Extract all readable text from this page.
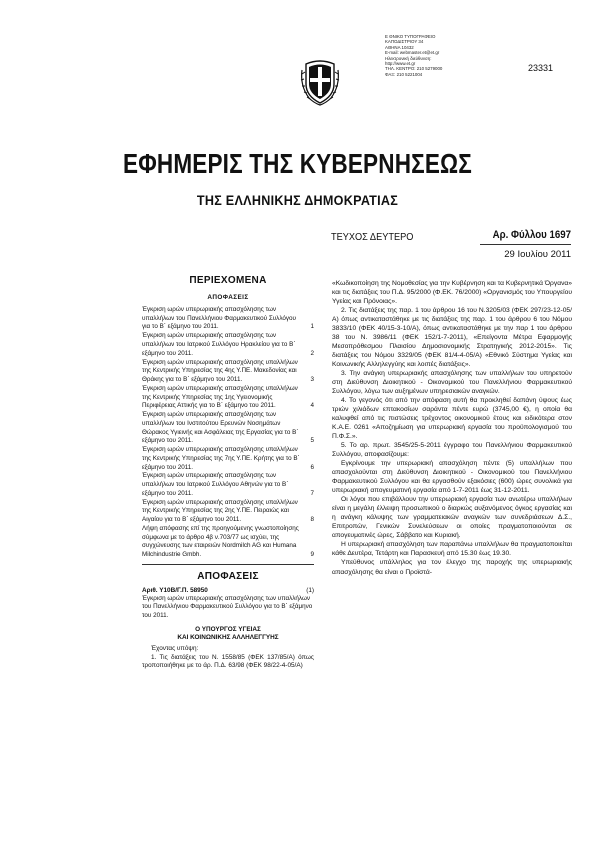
Ε ΘΝΙΚΟ ΤΥΠΟΓΡΑΦΕΙΟ
ΚΑΠΟΔΙΣΤΡΙΟΥ 34
ΑΘΗΝΑ 10432
Ε-mail: webmaster.et@et.gr
Ηλεκτρονική διεύθυνση:
http://www.et.gr
ΤΗΛ. ΚΕΝΤΡΟ: 210 5279000
ΦΑΞ: 210 5221004
23331
ΕΦΗΜΕΡΙΣ ΤΗΣ ΚΥΒΕΡΝΗΣΕΩΣ
ΤΗΣ ΕΛΛΗΝΙΚΗΣ ΔΗΜΟΚΡΑΤΙΑΣ
ΤΕΥΧΟΣ ΔΕΥΤΕΡΟ	Αρ. Φύλλου 1697
29 Ιουλίου 2011
ΠΕΡΙΕΧΟΜΕΝΑ
ΑΠΟΦΑΣΕΙΣ
Έγκριση ωρών υπερωριακής απασχόλησης των υπαλλήλων του Πανελλήνιου Φαρμακευτικού Συλλόγου για το Β΄ εξάμηνο του 2011.	1
Έγκριση ωρών υπερωριακής απασχόλησης των υπαλλήλων του Ιατρικού Συλλόγου Ηρακλείου για το Β΄ εξάμηνο του 2011.	2
Έγκριση ωρών υπερωριακής απασχόλησης υπαλλήλων της Κεντρικής Υπηρεσίας της 4ης Υ.ΠΕ. Μακεδονίας και Θράκης για το Β΄ εξάμηνο του 2011.	3
Έγκριση ωρών υπερωριακής απασχόλησης υπαλλήλων της Κεντρικής Υπηρεσίας της 1ης Υγειονομικής Περιφέρειας Αττικής για το Β΄ εξάμηνο του 2011.	4
Έγκριση ωρών υπερωριακής απασχόλησης των υπαλλήλων του Ινστιτούτου Ερευνών Νοσημάτων Θώρακος Υγιεινής και Ασφάλειας της Εργασίας για το Β΄ εξάμηνο του 2011.	5
Έγκριση ωρών υπερωριακής απασχόλησης υπαλλήλων της Κεντρικής Υπηρεσίας της 7ης Υ.ΠΕ. Κρήτης για το Β΄ εξάμηνο του 2011.	6
Έγκριση ωρών υπερωριακής απασχόλησης των υπαλλήλων του Ιατρικού Συλλόγου Αθηνών για το Β΄ εξάμηνο του 2011.	7
Έγκριση ωρών υπερωριακής απασχόλησης υπαλλήλων της Κεντρικής Υπηρεσίας της 2ης Υ.ΠΕ. Πειραιώς και Αιγαίου για το Β΄ εξάμηνο του 2011.	8
Λήψη απόφασης επί της προηγούμενης γνωστοποίησης σύμφωνα με το άρθρο 4β ν.703/77 ως ισχύει, της συγχώνευσης των εταιρειών Nordmilch AG και Humana Milchindustrie Gmbh.	9
ΑΠΟΦΑΣΕΙΣ
Αριθ. Υ10Β/Γ.Π. 58950	(1)
Έγκριση ωρών υπερωριακής απασχόλησης των υπαλλήλων του Πανελλήνιου Φαρμακευτικού Συλλόγου για το Β΄ εξάμηνο του 2011.
Ο ΥΠΟΥΡΓΟΣ ΥΓΕΙΑΣ
ΚΑΙ ΚΟΙΝΩΝΙΚΗΣ ΑΛΛΗΛΕΓΓΥΗΣ

Έχοντας υπόψη:

1. Τις διατάξεις του Ν. 1558/85 (ΦΕΚ 137/85/Α) όπως τροποποιήθηκε με το άρ. Π.Δ. 63/98 (ΦΕΚ 98/22-4-05/Α)

«Κωδικοποίηση της Νομοθεσίας για την Κυβέρνηση και τα Κυβερνητικά Όργανα» και τις διατάξεις του Π.Δ. 95/2000 (Φ.ΕΚ. 76/2000) «Οργανισμός του Υπουργείου Υγείας και Πρόνοιας».

2. Τις διατάξεις της παρ. 1 του άρθρου 16 του Ν.3205/03 (ΦΕΚ 297/23-12-05/Α) όπως αντικαταστάθηκε με τις διατάξεις της παρ. 1 του άρθρου 6 του Νόμου 3833/10 (ΦΕΚ 40/15-3-10/Α), όπως αντικαταστάθηκε με την παρ 1 του άρθρου 38 του Ν. 3986/11 (ΦΕΚ 152/1-7-2011), «Επείγοντα Μέτρα Εφαρμογής Μεσοπρόθεσμου Πλαισίου Δημοσιονομικής Στρατηγικής 2012-2015». Τις διατάξεις του Νόμου 3329/05 (ΦΕΚ 81/4-4-05/Α) «Εθνικό Σύστημα Υγείας και Κοινωνικής Αλληλεγγύης και λοιπές διατάξεις».

3. Την ανάγκη υπερωριακής απασχόλησης των υπαλλήλων του υπηρετούν στη Διεύθυνση Διοικητικού - Οικονομικού του Πανελλήνιου Φαρμακευτικού Συλλόγου, λόγω των αυξημένων υπηρεσιακών αναγκών.

4. Το γεγονός ότι από την απόφαση αυτή θα προκληθεί δαπάνη ύψους έως τριών χιλιάδων επτακοσίων σαράντα πέντε ευρώ (3745,00 €), η οποία θα καλυφθεί από τις πιστώσεις τρέχοντος οικονομικού έτους και ειδικότερα στον Κ.Α.Ε. 0261 «Αποζημίωση για υπερωριακή εργασία του προϋπολογισμού του Π.Φ.Σ.».

5. Το αρ. πρωτ. 3545/25-5-2011 έγγραφο του Πανελλήνιου Φαρμακευτικού Συλλόγου, αποφασίζουμε:

Εγκρίνουμε την υπερωριακή απασχόληση πέντε (5) υπαλλήλων που απασχολούνται στη Διεύθυνση Διοικητικού - Οικονομικού του Πανελλήνιου Φαρμακευτικού Συλλόγου και θα εργασθούν εξακόσιες (600) ώρες συνολικά για υπερωριακή απογευματινή εργασία από 1-7-2011 έως 31-12-2011.

Οι λόγοι που επιβάλλουν την υπερωριακή εργασία των ανωτέρω υπαλλήλων είναι η μεγάλη έλλειψη προσωπικού ο διαρκώς αυξανόμενος όγκος εργασίας και η ανάγκη κάλυψης των γραμματειακών αναγκών των συνεδριάσεων Δ.Σ., Επιτροπών, Γενικών Συνελεύσεων οι οποίες πραγματοποιούνται σε απογευματινές ώρες, Σάββατο και Κυριακή.

Η υπερωριακή απασχόληση των παραπάνω υπαλλήλων θα πραγματοποιείται κάθε Δευτέρα, Τετάρτη και Παρασκευή από 15.30 έως 19.30.

Υπεύθυνος υπάλληλος για τον έλεγχο της παροχής της υπερωριακής απασχόλησης θα είναι ο Προϊστά-
